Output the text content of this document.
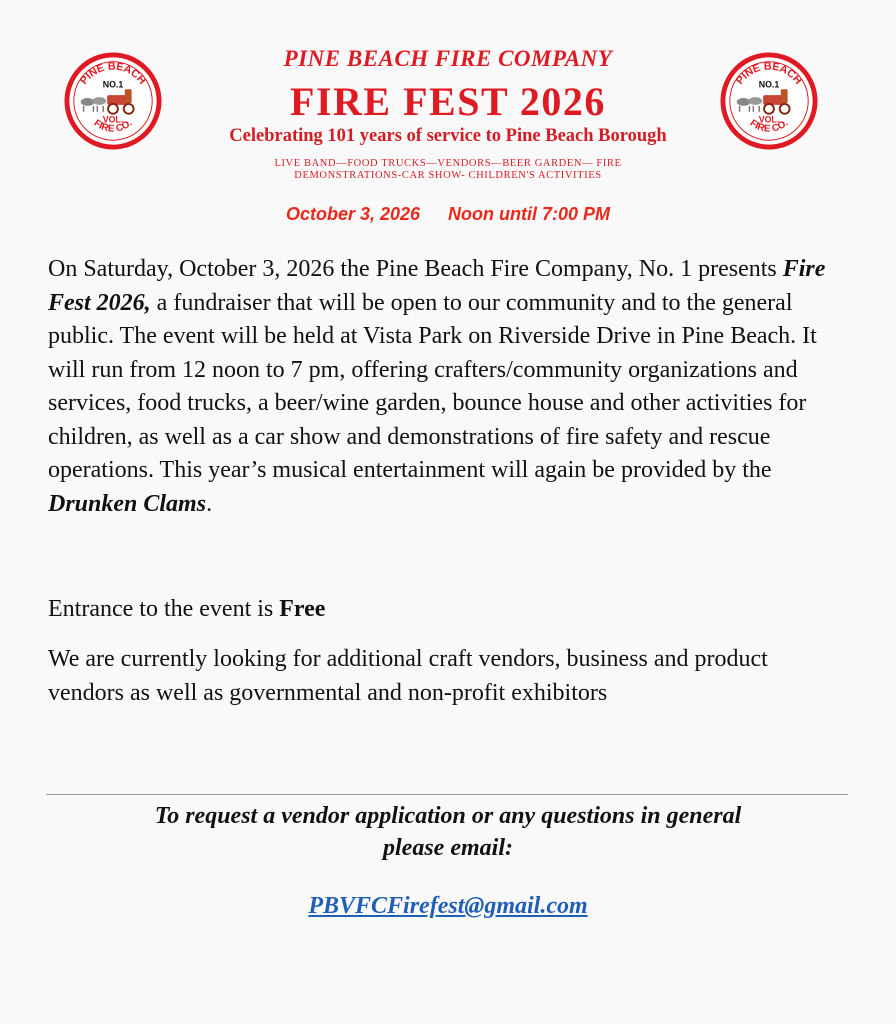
PINE BEACH
NO.1
VOL.
FIRE CO.
PINE BEACH
NO.1
VOL.
FIRE CO.
PINE BEACH FIRE COMPANY
FIRE FEST 2026
Celebrating 101 years of service to Pine Beach Borough
LIVE BAND—FOOD TRUCKS—VENDORS—BEER GARDEN— FIRE
DEMONSTRATIONS-CAR SHOW- CHILDREN'S ACTIVITIES
October 3, 2026 Noon until 7:00 PM

On Saturday, October 3, 2026 the Pine Beach Fire Company, No. 1 presents Fire Fest 2026, a fundraiser that will be open to our community and to the general public. The event will be held at Vista Park on Riverside Drive in Pine Beach. It will run from 12 noon to 7 pm, offering crafters/community organizations and services, food trucks, a beer/wine garden, bounce house and other activities for children, as well as a car show and demonstrations of fire safety and rescue operations. This year’s musical entertainment will again be provided by the Drunken Clams.

Entrance to the event is Free

We are currently looking for additional craft vendors, business and product vendors as well as governmental and non-profit exhibitors

To request a vendor application or any questions in general
please email:
PBVFCFirefest@gmail.com
